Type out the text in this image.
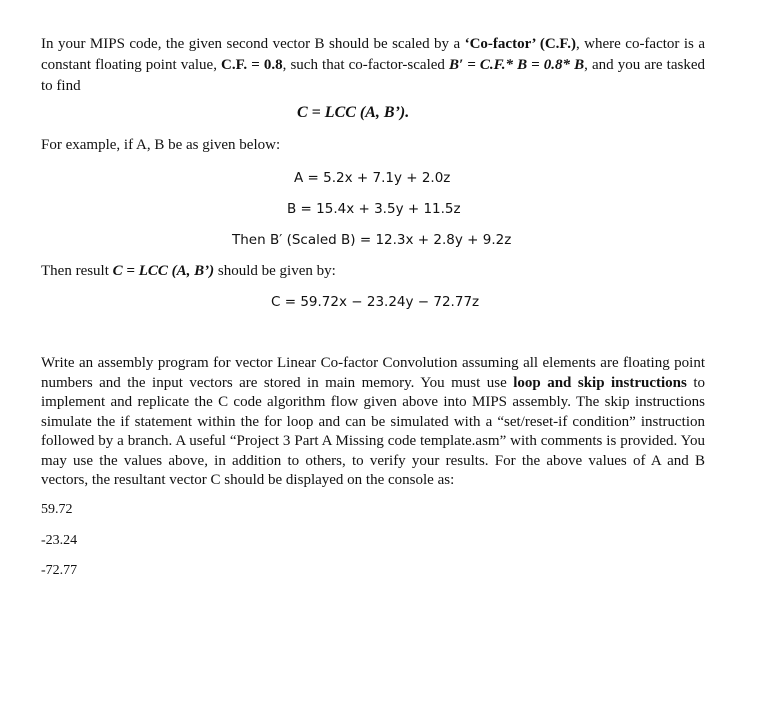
In your MIPS code, the given second vector B should be scaled by a ‘Co-factor’ (C.F.), where co-factor is a constant floating point value, C.F. = 0.8, such that co-factor-scaled B′ = C.F.* B = 0.8* B, and you are tasked to find

C = LCC (A, B’).
For example, if A, B be as given below:
A = 5.2x + 7.1y + 2.0z
B = 15.4x + 3.5y + 11.5z
Then B′ (Scaled B) = 12.3x + 2.8y + 9.2z
Then result C = LCC (A, B’) should be given by:
C = 59.72x − 23.24y − 72.77z

Write an assembly program for vector Linear Co-factor Convolution assuming all elements are floating point numbers and the input vectors are stored in main memory. You must use loop and skip instructions to implement and replicate the C code algorithm flow given above into MIPS assembly. The skip instructions simulate the if statement within the for loop and can be simulated with a “set/reset-if condition” instruction followed by a branch. A useful “Project 3 Part A Missing code template.asm” with comments is provided. You may use the values above, in addition to others, to verify your results. For the above values of A and B vectors, the resultant vector C should be displayed on the console as:

59.72
-23.24
-72.77
